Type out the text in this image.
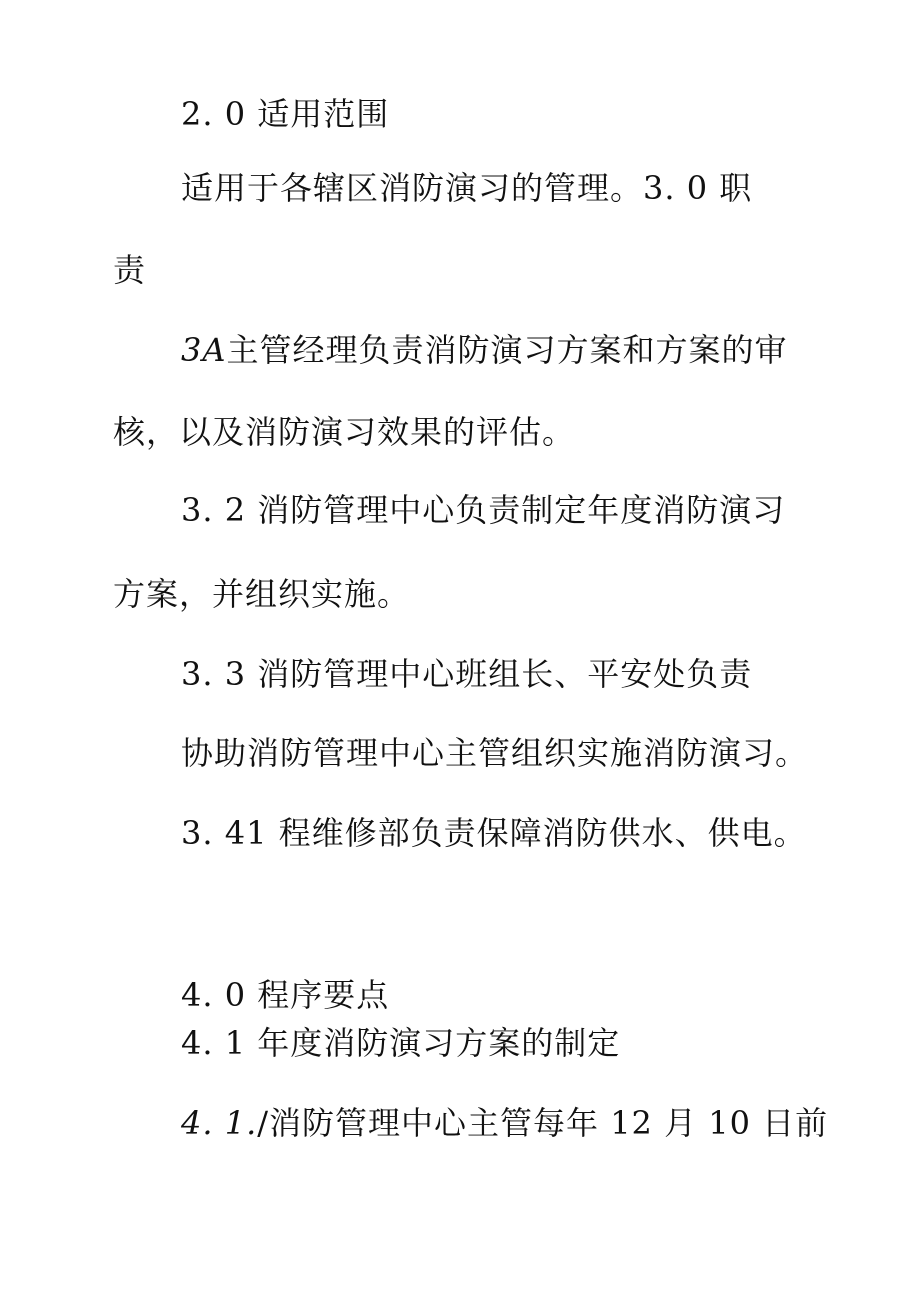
2. 0 适用范围

适用于各辖区消防演习的管理。3. 0 职

责

3A主管经理负责消防演习方案和方案的审

核，以及消防演习效果的评估。

3. 2 消防管理中心负责制定年度消防演习

方案，并组织实施。

3. 3 消防管理中心班组长、平安处负责

协助消防管理中心主管组织实施消防演习。

3. 41 程维修部负责保障消防供水、供电。

4. 0 程序要点

4. 1 年度消防演习方案的制定

4. 1./消防管理中心主管每年 12 月 10 日前
